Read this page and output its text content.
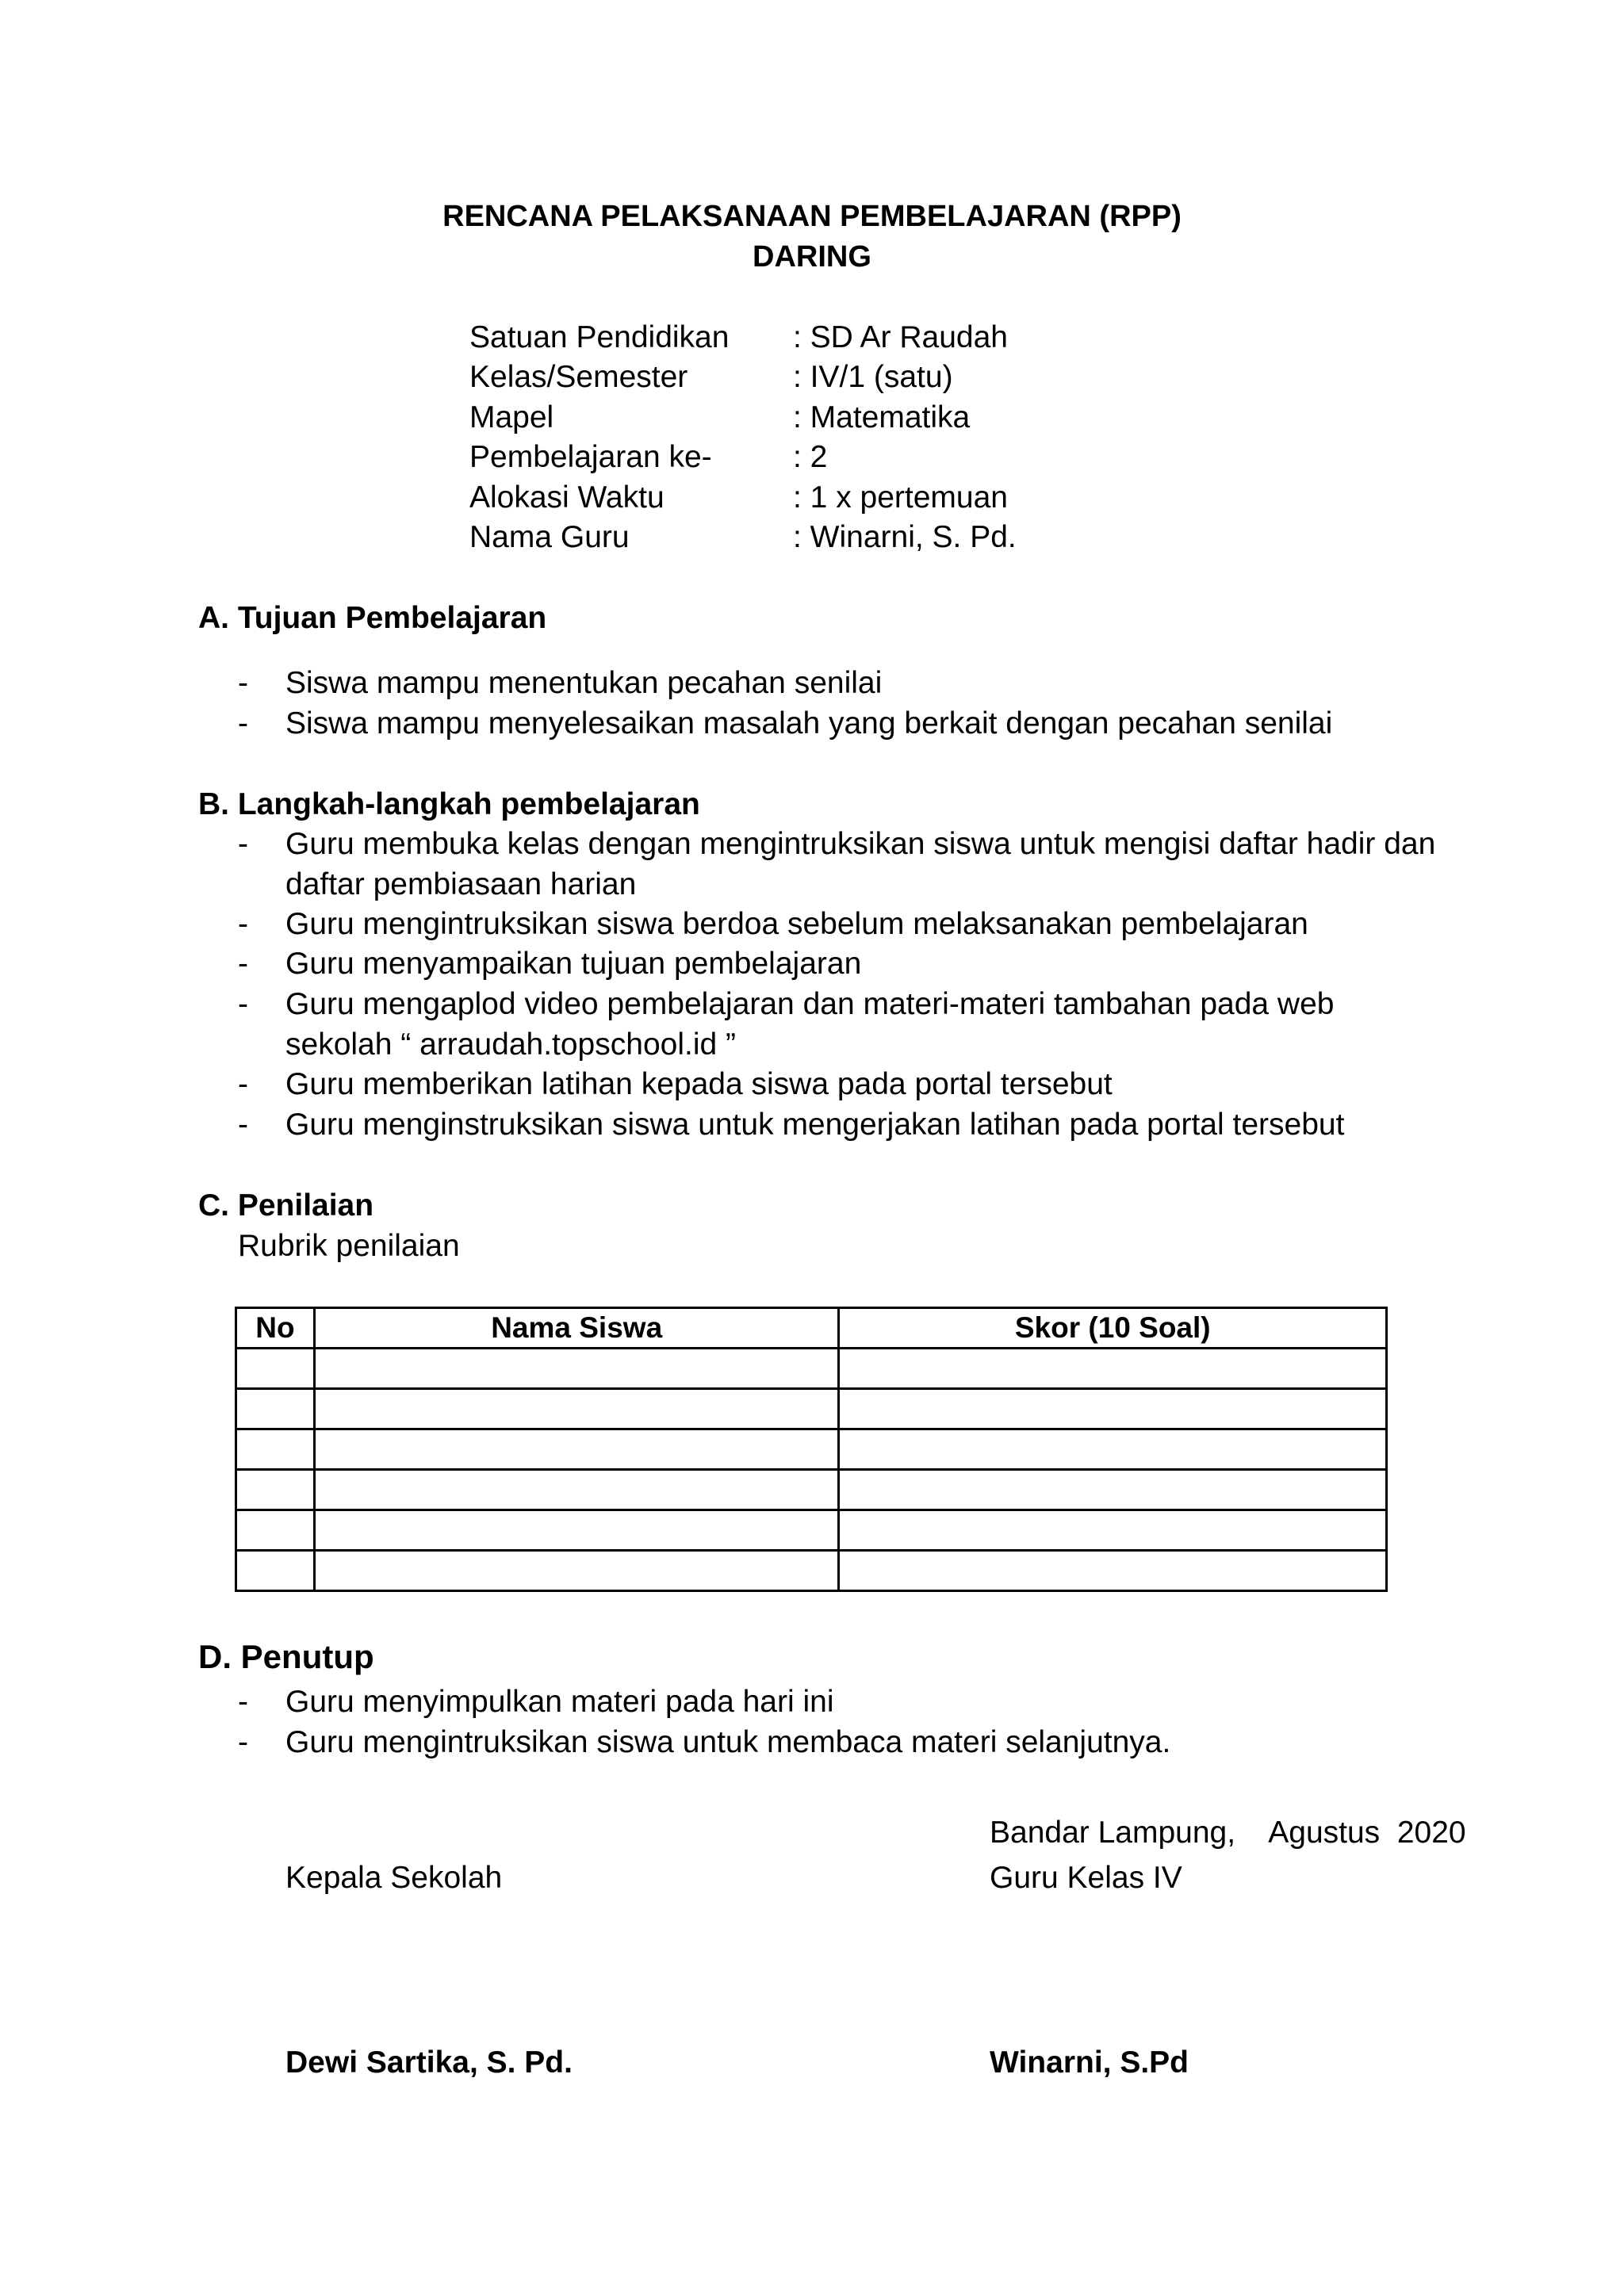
RENCANA PELAKSANAAN PEMBELAJARAN (RPP)
DARING
Satuan Pendidikan : SD Ar Raudah
Kelas/Semester	: IV/1 (satu)
Mapel	: Matematika
Pembelajaran ke-	: 2
Alokasi Waktu	: 1 x pertemuan
Nama Guru	: Winarni, S. Pd.
A. Tujuan Pembelajaran
- Siswa mampu menentukan pecahan senilai
- Siswa mampu menyelesaikan masalah yang berkait dengan pecahan senilai
B. Langkah-langkah pembelajaran
- Guru membuka kelas dengan mengintruksikan siswa untuk mengisi daftar hadir dan
daftar pembiasaan harian
- Guru mengintruksikan siswa berdoa sebelum melaksanakan pembelajaran
- Guru menyampaikan tujuan pembelajaran
- Guru mengaplod video pembelajaran dan materi-materi tambahan pada web
sekolah “ arraudah.topschool.id ”
- Guru memberikan latihan kepada siswa pada portal tersebut
- Guru menginstruksikan siswa untuk mengerjakan latihan pada portal tersebut
C. Penilaian
Rubrik penilaian
No	Nama Siswa	Skor (10 Soal)

D. Penutup
- Guru menyimpulkan materi pada hari ini
- Guru mengintruksikan siswa untuk membaca materi selanjutnya.
Bandar Lampung,    Agustus  2020
Kepala Sekolah	Guru Kelas IV
Dewi Sartika, S. Pd.	Winarni, S.Pd
